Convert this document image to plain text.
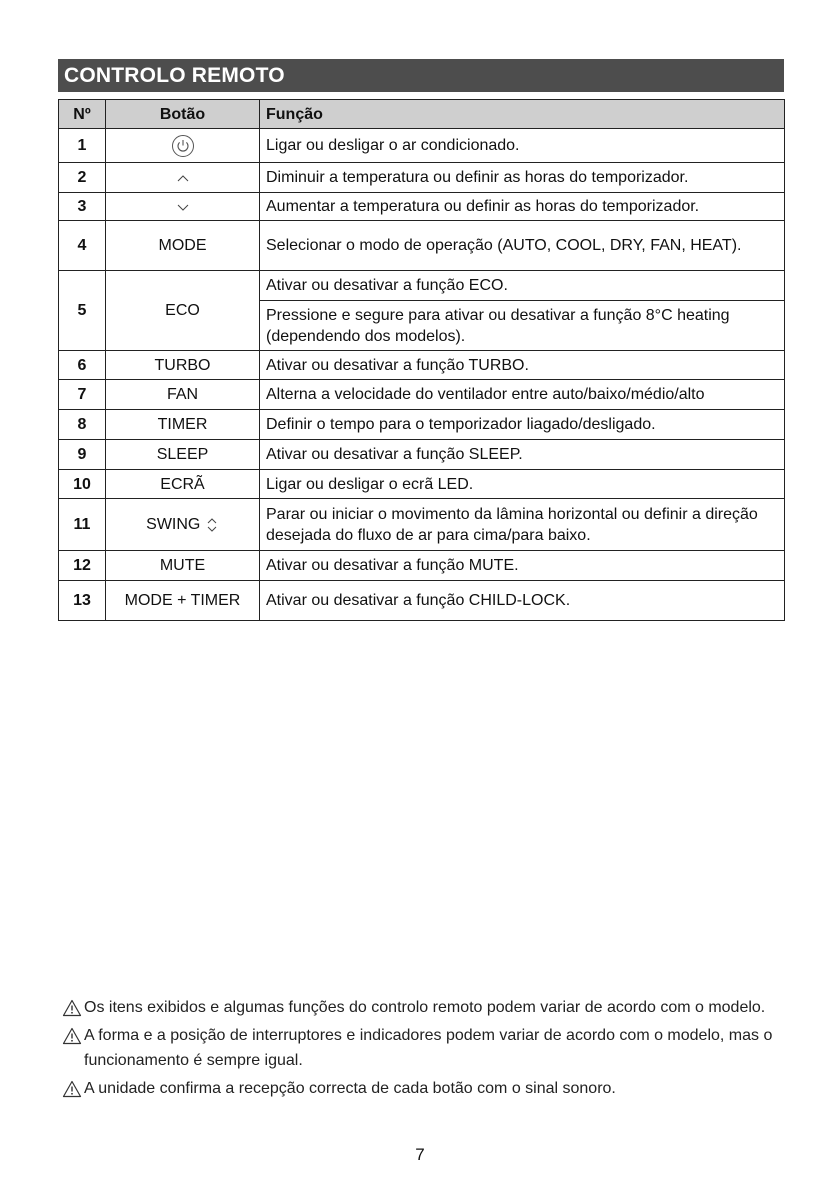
CONTROLO REMOTO
Nº	Botão	Função
1		Ligar ou desligar o ar condicionado.
2		Diminuir a temperatura ou definir as horas do temporizador.
3		Aumentar a temperatura ou definir as horas do temporizador.
4	MODE	Selecionar o modo de operação (AUTO, COOL, DRY, FAN, HEAT).
5	ECO	Ativar ou desativar a função ECO.
		Pressione e segure para ativar ou desativar a função 8°C heating (dependendo dos modelos).
6	TURBO	Ativar ou desativar a função TURBO.
7	FAN	Alterna a velocidade do ventilador entre auto/baixo/médio/alto
8	TIMER	Definir o tempo para o temporizador liagado/desligado.
9	SLEEP	Ativar ou desativar a função SLEEP.
10	ECRÃ	Ligar ou desligar o ecrã LED.
11	SWING	Parar ou iniciar o movimento da lâmina horizontal ou definir a direção desejada do fluxo de ar para cima/para baixo.
12	MUTE	Ativar ou desativar a função MUTE.
13	MODE + TIMER	Ativar ou desativar a função CHILD-LOCK.
Os itens exibidos e algumas funções do controlo remoto podem variar de acordo com o modelo.
A forma e a posição de interruptores e indicadores podem variar de acordo com o modelo, mas o funcionamento é sempre igual.
A unidade confirma a recepção correcta de cada botão com o sinal sonoro.
7
